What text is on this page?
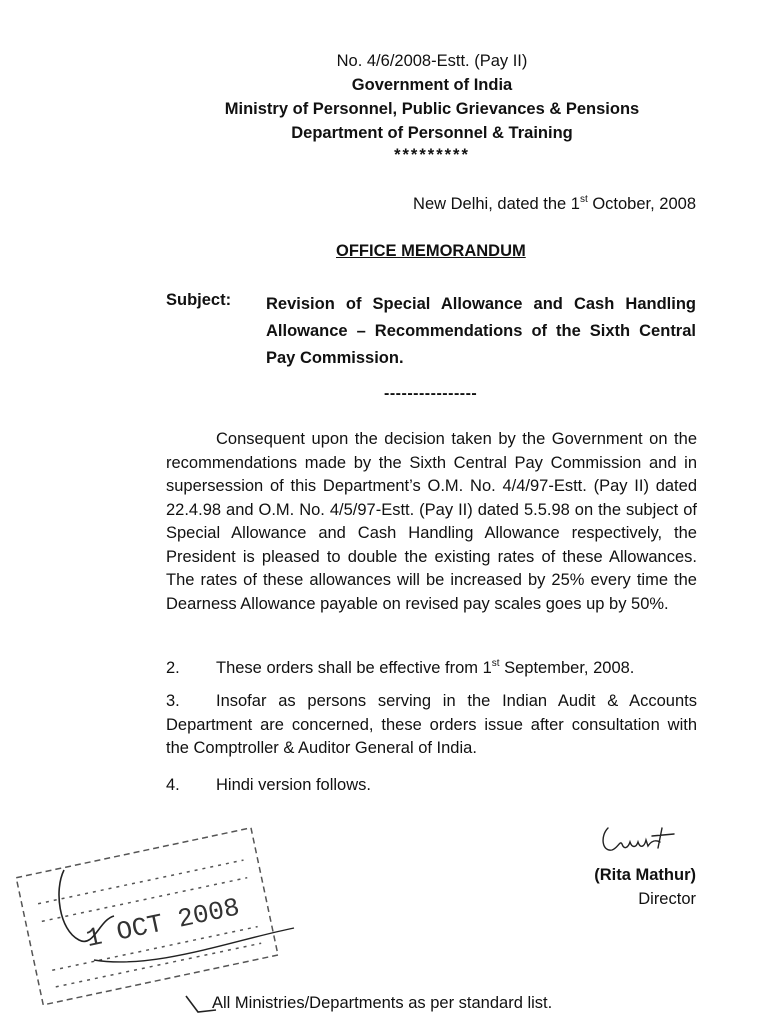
No. 4/6/2008-Estt. (Pay II)
Government of India
Ministry of Personnel, Public Grievances & Pensions
Department of Personnel & Training
*********
New Delhi, dated the 1st October, 2008
OFFICE MEMORANDUM
Subject: Revision of Special Allowance and Cash Handling Allowance – Recommendations of the Sixth Central Pay Commission.
----------------
Consequent upon the decision taken by the Government on the recommendations made by the Sixth Central Pay Commission and in supersession of this Department’s O.M. No. 4/4/97-Estt. (Pay II) dated 22.4.98 and O.M. No. 4/5/97-Estt. (Pay II) dated 5.5.98 on the subject of Special Allowance and Cash Handling Allowance respectively, the President is pleased to double the existing rates of these Allowances. The rates of these allowances will be increased by 25% every time the Dearness Allowance payable on revised pay scales goes up by 50%.
2. These orders shall be effective from 1st September, 2008.
3. Insofar as persons serving in the Indian Audit & Accounts Department are concerned, these orders issue after consultation with the Comptroller & Auditor General of India.
4. Hindi version follows.
(Rita Mathur)
Director
1 OCT 2008
All Ministries/Departments as per standard list.
